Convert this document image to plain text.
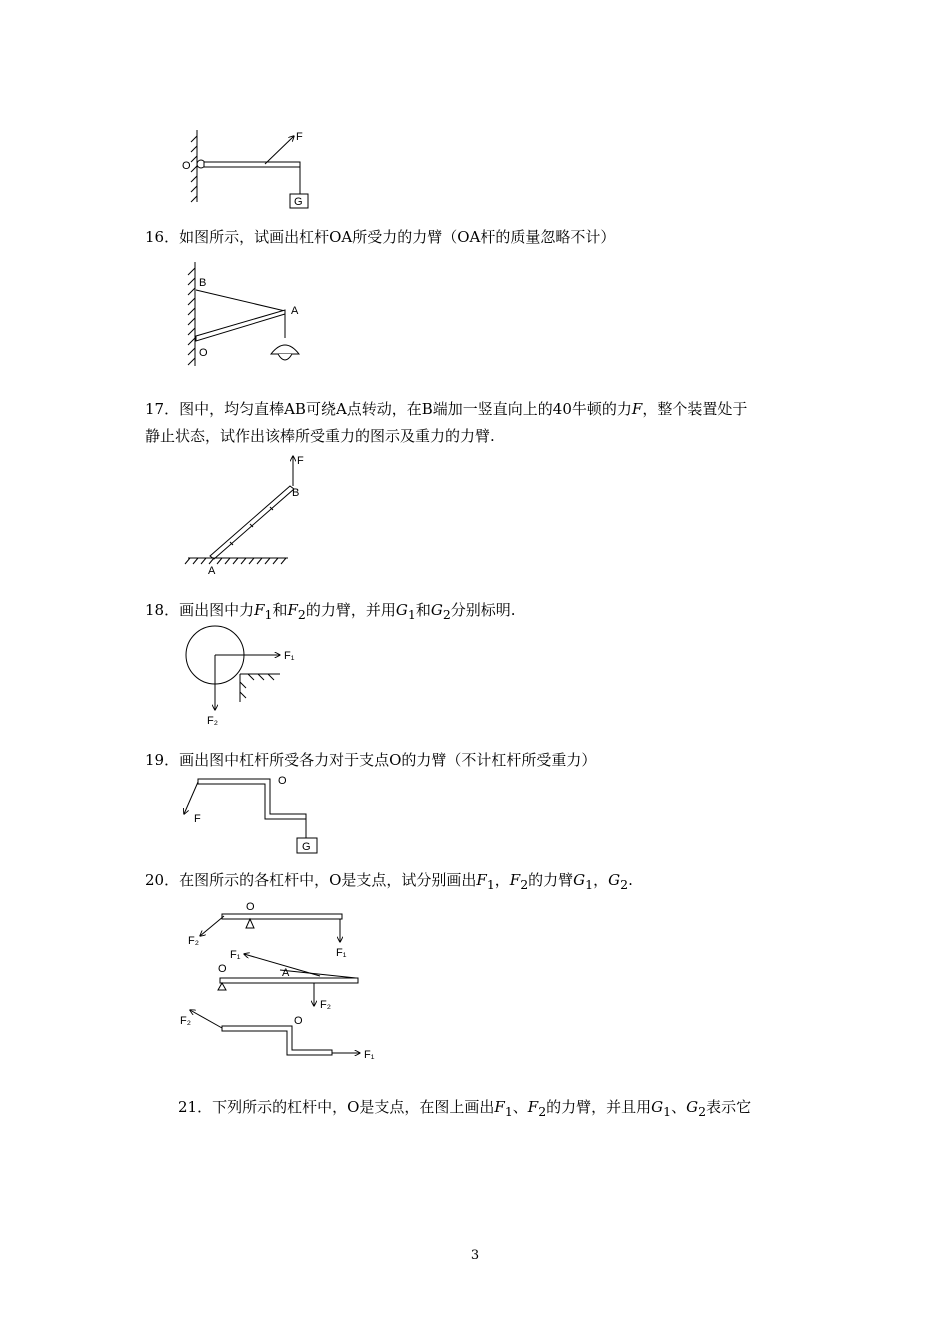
O
F
G
16．如图所示，试画出杠杆OA所受力的力臂（OA杆的质量忽略不计）
B
A
O
17．图中，均匀直棒AB可绕A点转动，在B端加一竖直向上的40牛顿的力F，整个装置处于
静止状态，试作出该棒所受重力的图示及重力的力臂.
F
B
A
18．画出图中力$F_1$和$F_2$的力臂，并用$G_1$和$G_2$分别标明.
F₁
F₂
19．画出图中杠杆所受各力对于支点O的力臂（不计杠杆所受重力）
O
F
G
20．在图所示的各杠杆中，O是支点，试分别画出$F_1$，$F_2$的力臂$G_1$，$G_2$.
O
F₂
F₁
F₁
O	A
F₂
F₂	O
F₁
21．下列所示的杠杆中，O是支点，在图上画出$F_1$、$F_2$的力臂，并且用$G_1$、$G_2$表示它
3
